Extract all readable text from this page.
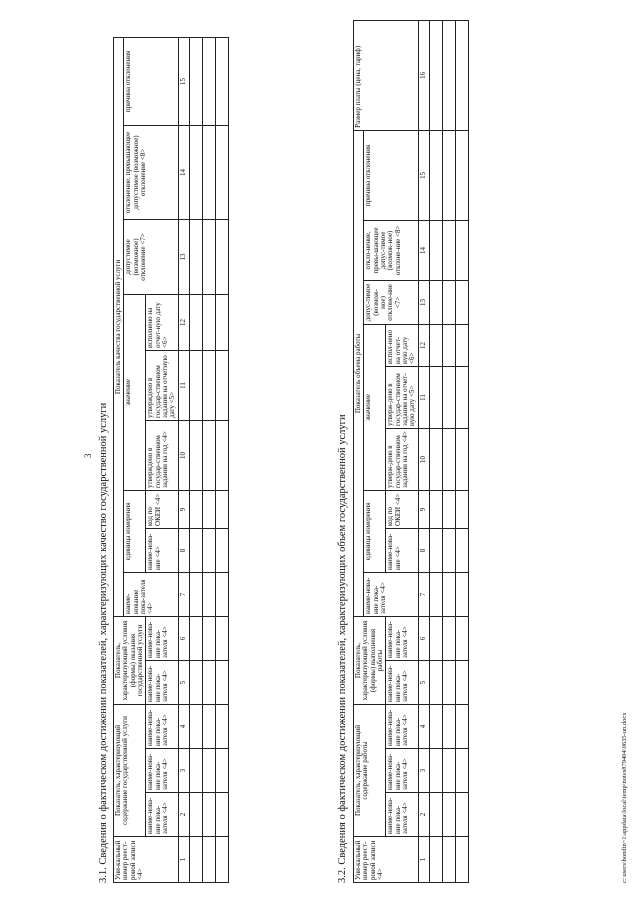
3 3.1. Сведения о фактическом достижении показателей, характеризующих качество государственной услуги Уни-кальный номер реест-ровой записи <4>	Показатель, характеризующий содержание государственной услуги			Показатель, характеризующий условия (формы) оказания государственной услуги		Показатель качества государственной услуги								
						наиме-нование пока-зателя <4>	единица измерения		значение			допустимое (возможное) отклонение <7>	отклонение, превышающее допустимое (возможное) отклонение <8>	причина отклонения
	наиме-нова-ние пока-зателя <4>	наиме-нова-ние пока-зателя <4>	наиме-нова-ние пока-зателя <4>	наиме-нова-ние пока-зателя <4>	наиме-нова-ние пока-зателя <4>		наиме-нова-ние <4>	код по ОКЕИ <4>	утверждено в государ-ственном задании на год <4>	утверждено в государ-ственном задании на отчетную дату <5>	исполнено на отчет-ную дату <6>			
1	2	3	4	5	6	7	8	9	10	11	12	13	14	15

3.2. Сведения о фактическом достижении показателей, характеризующих объем государственной услуги Уни-кальный номер реест-ровой записи <4>	Показатель, характеризующий содержание работы			Показатель, характеризующий условия (формы) выполнения работы		Показатель объема работы									Размер платы (цена, тариф)
						наиме-нова-ние пока-зателя <4>	единица измерения		значение			допус-тимое (возмож-ное) отклоне-ние <7>	откло-нение, превы-шающее допус-тимое (возмож-ное) отклоне-ние <8>	причина отклонения	
	наиме-нова-ние пока-зателя <4>	наиме-нова-ние пока-зателя <4>	наиме-нова-ние пока-зателя <4>	наиме-нова-ние пока-зателя <4>	наиме-нова-ние пока-зателя <4>		наиме-нова-ние <4>	код по ОКЕИ <4>	утверж-дено в государ-ственном задании на год <4>	утверж-дено в государ-ственном задании на отчет-ную дату <5>	испол-нено на отчет-ную дату <6>				
1	2	3	4	5	6	7	8	9	10	11	12	13	14	15	16

c:\users\bondin~1\appdata\local\temp\notes879404\0635-un.docx
